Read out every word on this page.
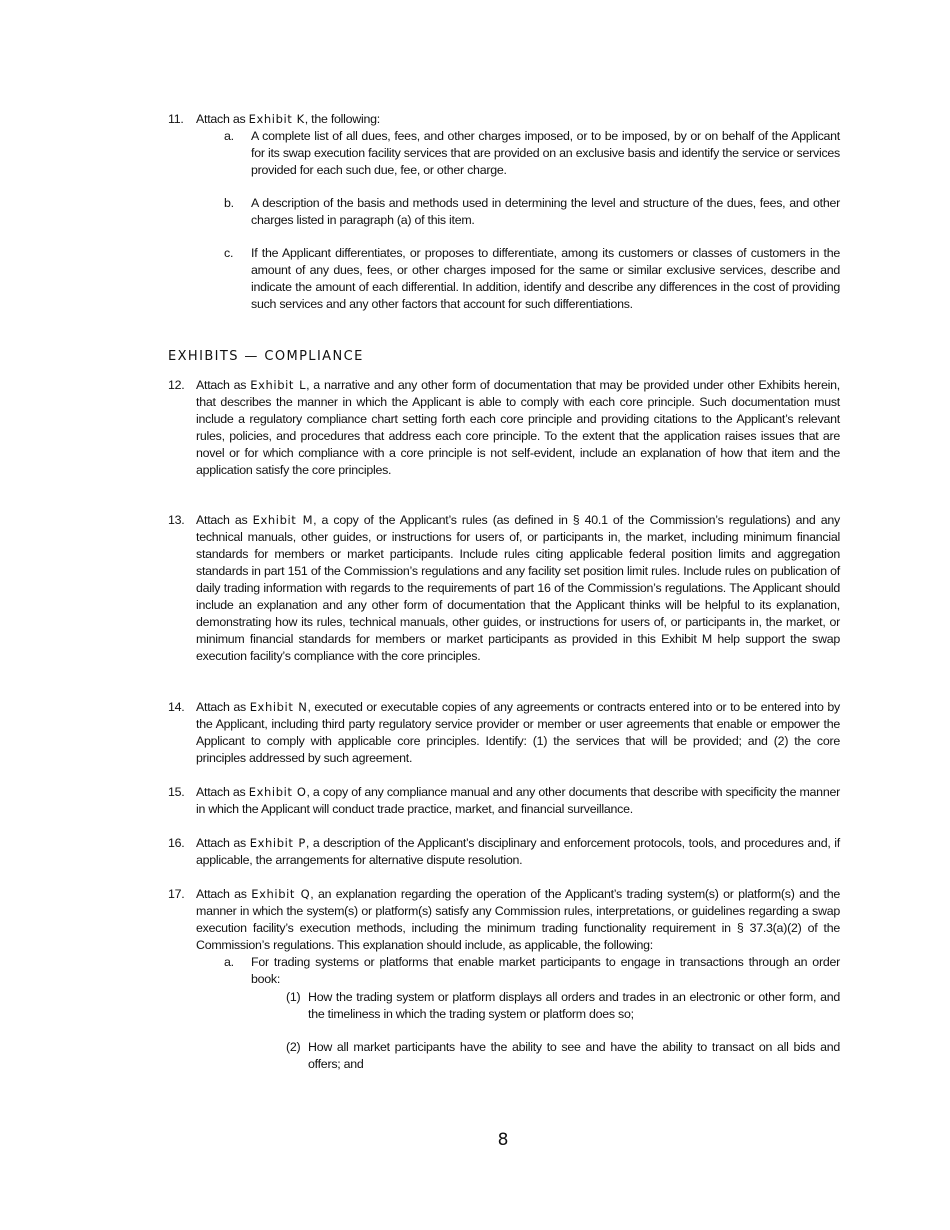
11.	Attach as Exhibit K, the following:
a. A complete list of all dues, fees, and other charges imposed, or to be imposed, by or on behalf of the Applicant for its swap execution facility services that are provided on an exclusive basis and identify the service or services provided for each such due, fee, or other charge.
b. A description of the basis and methods used in determining the level and structure of the dues, fees, and other charges listed in paragraph (a) of this item.
c. If the Applicant differentiates, or proposes to differentiate, among its customers or classes of customers in the amount of any dues, fees, or other charges imposed for the same or similar exclusive services, describe and indicate the amount of each differential. In addition, identify and describe any differences in the cost of providing such services and any other factors that account for such differentiations.
EXHIBITS — COMPLIANCE
12. Attach as Exhibit L, a narrative and any other form of documentation that may be provided under other Exhibits herein, that describes the manner in which the Applicant is able to comply with each core principle. Such documentation must include a regulatory compliance chart setting forth each core principle and providing citations to the Applicant’s relevant rules, policies, and procedures that address each core principle. To the extent that the application raises issues that are novel or for which compliance with a core principle is not self-evident, include an explanation of how that item and the application satisfy the core principles.
13. Attach as Exhibit M, a copy of the Applicant’s rules (as defined in § 40.1 of the Commission’s regulations) and any technical manuals, other guides, or instructions for users of, or participants in, the market, including minimum financial standards for members or market participants. Include rules citing applicable federal position limits and aggregation standards in part 151 of the Commission’s regulations and any facility set position limit rules. Include rules on publication of daily trading information with regards to the requirements of part 16 of the Commission’s regulations. The Applicant should include an explanation and any other form of documentation that the Applicant thinks will be helpful to its explanation, demonstrating how its rules, technical manuals, other guides, or instructions for users of, or participants in, the market, or minimum financial standards for members or market participants as provided in this Exhibit M help support the swap execution facility’s compliance with the core principles.
14. Attach as Exhibit N, executed or executable copies of any agreements or contracts entered into or to be entered into by the Applicant, including third party regulatory service provider or member or user agreements that enable or empower the Applicant to comply with applicable core principles. Identify: (1) the services that will be provided; and (2) the core principles addressed by such agreement.
15. Attach as Exhibit O, a copy of any compliance manual and any other documents that describe with specificity the manner in which the Applicant will conduct trade practice, market, and financial surveillance.
16. Attach as Exhibit P, a description of the Applicant’s disciplinary and enforcement protocols, tools, and procedures and, if applicable, the arrangements for alternative dispute resolution.
17. Attach as Exhibit Q, an explanation regarding the operation of the Applicant’s trading system(s) or platform(s) and the manner in which the system(s) or platform(s) satisfy any Commission rules, interpretations, or guidelines regarding a swap execution facility’s execution methods, including the minimum trading functionality requirement in § 37.3(a)(2) of the Commission’s regulations. This explanation should include, as applicable, the following:
a. For trading systems or platforms that enable market participants to engage in transactions through an order book:
(1) How the trading system or platform displays all orders and trades in an electronic or other form, and the timeliness in which the trading system or platform does so;
(2) How all market participants have the ability to see and have the ability to transact on all bids and offers; and
8
